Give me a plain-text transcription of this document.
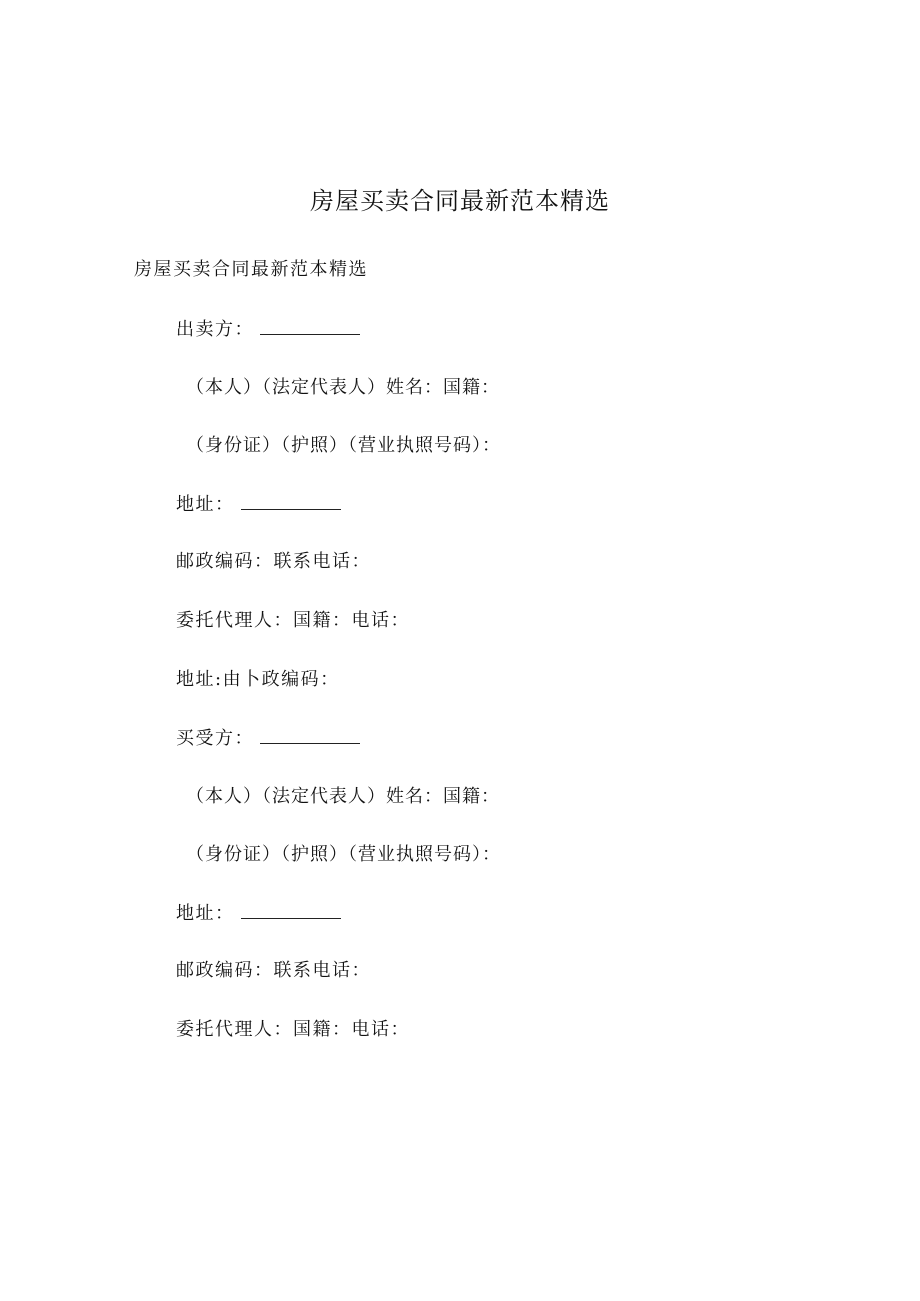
房屋买卖合同最新范本精选
房屋买卖合同最新范本精选
出卖方：
（本人）（法定代表人）姓名：国籍：
（身份证）（护照）（营业执照号码）：
地址：
邮政编码：联系电话：
委托代理人：国籍：电话：
地址:由卜政编码：
买受方：
（本人）（法定代表人）姓名：国籍：
（身份证）（护照）（营业执照号码）：
地址：
邮政编码：联系电话：
委托代理人：国籍：电话：
